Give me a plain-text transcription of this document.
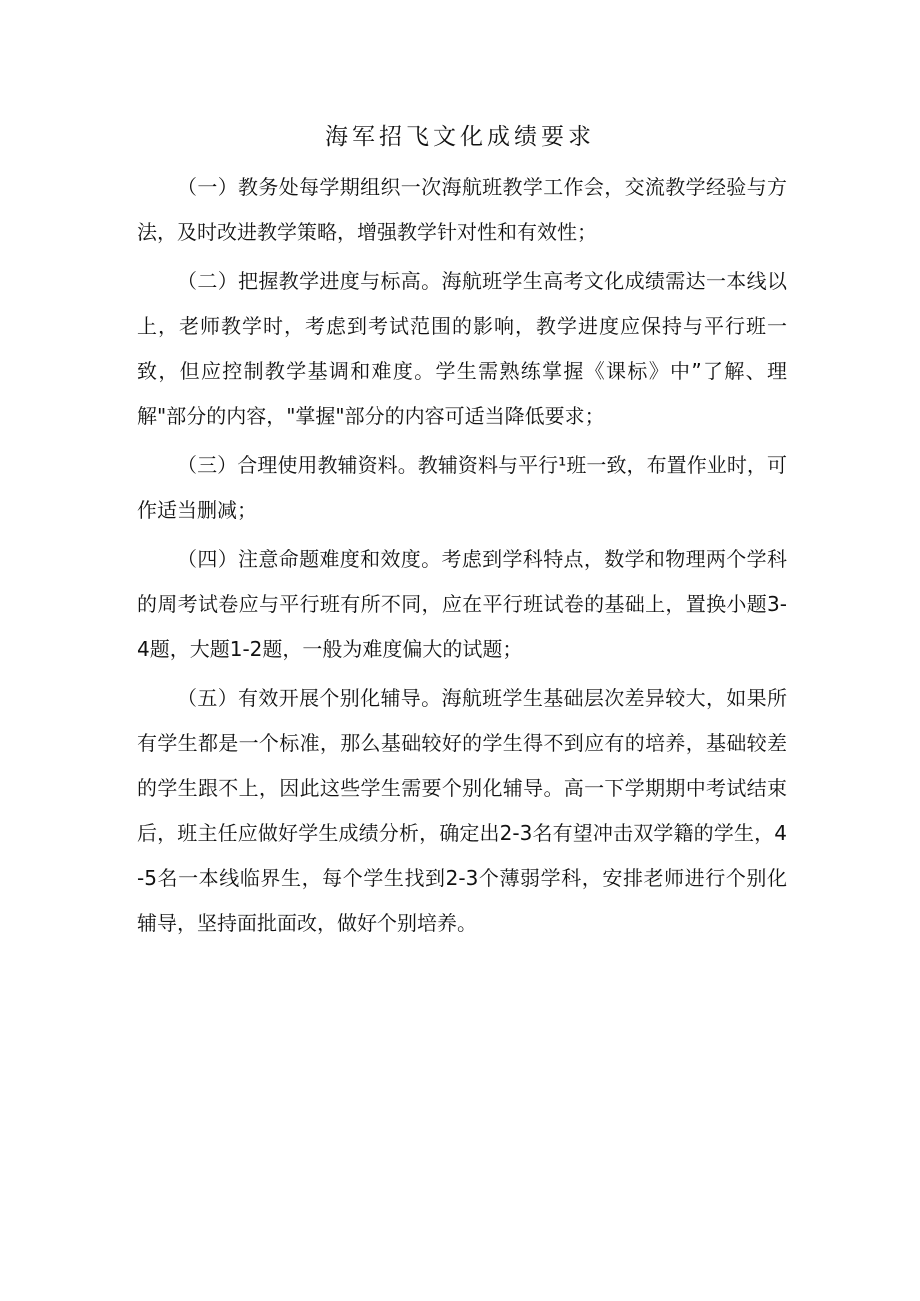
海军招飞文化成绩要求

（一）教务处每学期组织一次海航班教学工作会，交流教学经验与方法，及时改进教学策略，增强教学针对性和有效性；

（二）把握教学进度与标高。海航班学生高考文化成绩需达一本线以上，老师教学时，考虑到考试范围的影响，教学进度应保持与平行班一致，但应控制教学基调和难度。学生需熟练掌握《课标》中”了解、理解"部分的内容，"掌握"部分的内容可适当降低要求；

（三）合理使用教辅资料。教辅资料与平行¹班一致，布置作业时，可作适当删减；

（四）注意命题难度和效度。考虑到学科特点，数学和物理两个学科的周考试卷应与平行班有所不同，应在平行班试卷的基础上，置换小题3-4题，大题1-2题，一般为难度偏大的试题；

（五）有效开展个别化辅导。海航班学生基础层次差异较大，如果所有学生都是一个标准，那么基础较好的学生得不到应有的培养，基础较差的学生跟不上，因此这些学生需要个别化辅导。高一下学期期中考试结束后，班主任应做好学生成绩分析，确定出2-3名有望冲击双学籍的学生，4-5名一本线临界生，每个学生找到2-3个薄弱学科，安排老师进行个别化辅导，坚持面批面改，做好个别培养。
